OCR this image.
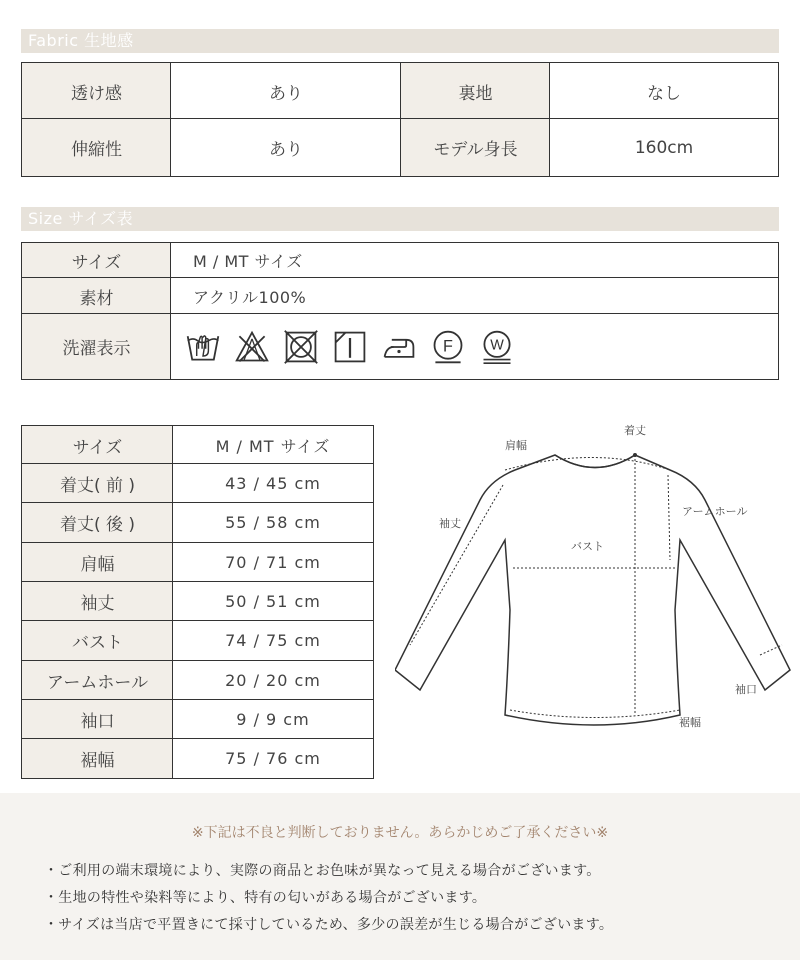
Fabric 生地感
透け感	あり	裏地	なし
伸縮性	あり	モデル身長	160cm
Size サイズ表
サイズ	M / MT サイズ
素材	アクリル100%
洗濯表示	F W
サイズ	M / MT サイズ
着丈( 前 )	43 / 45 cm
着丈( 後 )	55 / 58 cm
肩幅	70 / 71 cm
袖丈	50 / 51 cm
バスト	74 / 75 cm
アームホール	20 / 20 cm
袖口	9 / 9 cm
裾幅	75 / 76 cm
着丈
肩幅
袖丈
アームホール
バスト
袖口
裾幅
※下記は不良と判断しておりません。あらかじめご了承ください※
・ご利用の端末環境により、実際の商品とお色味が異なって見える場合がございます。
・生地の特性や染料等により、特有の匂いがある場合がございます。
・サイズは当店で平置きにて採寸しているため、多少の誤差が生じる場合がございます。
